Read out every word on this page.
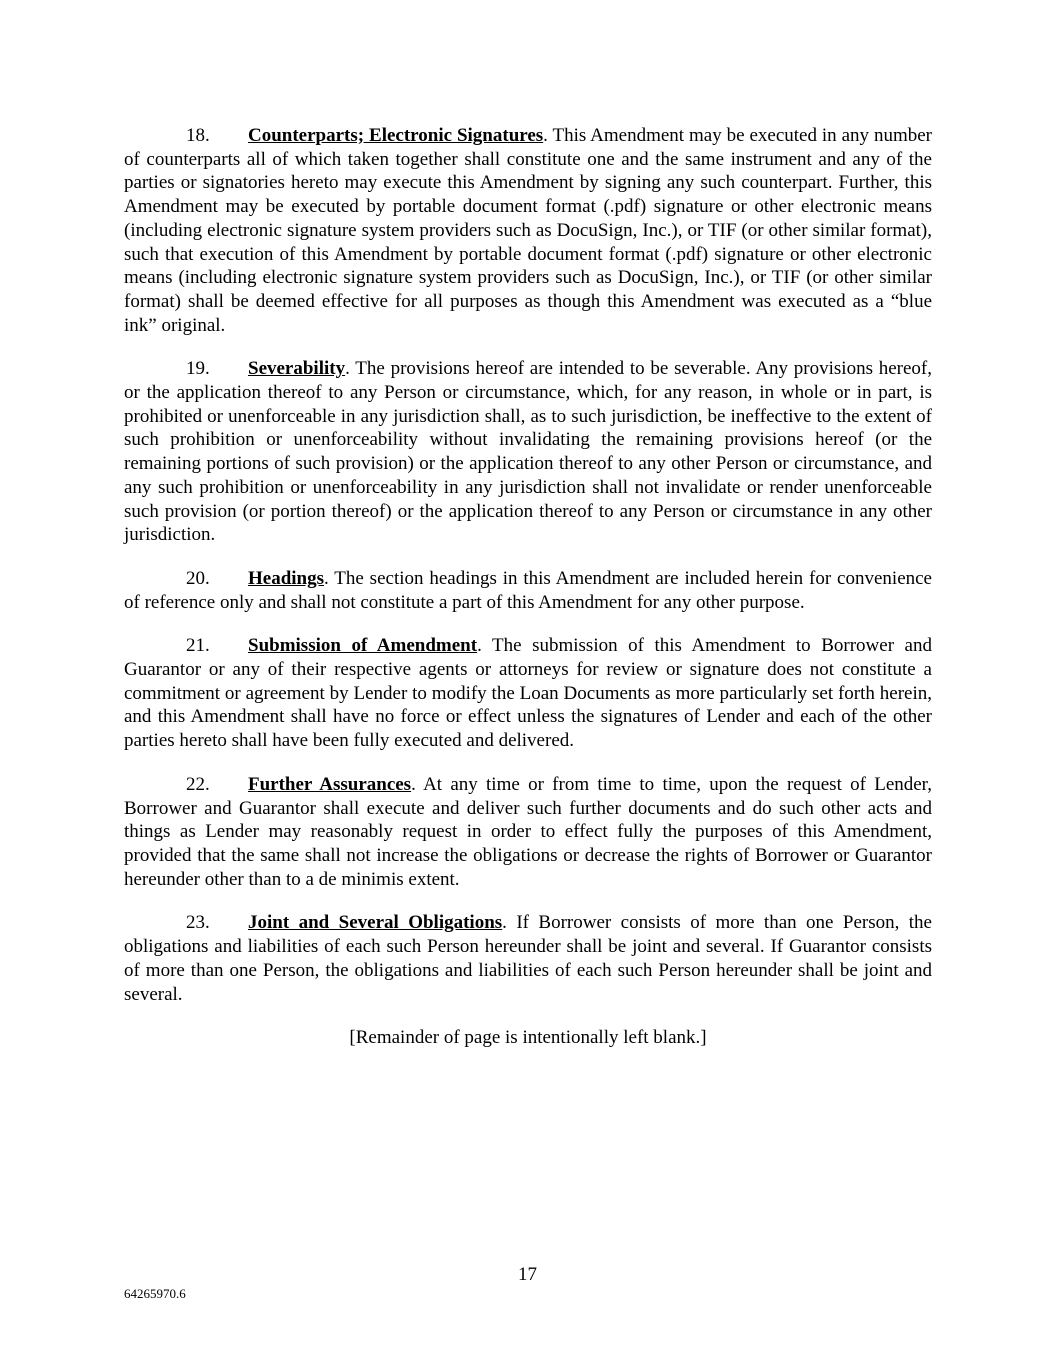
18. Counterparts; Electronic Signatures. This Amendment may be executed in any number of counterparts all of which taken together shall constitute one and the same instrument and any of the parties or signatories hereto may execute this Amendment by signing any such counterpart. Further, this Amendment may be executed by portable document format (.pdf) signature or other electronic means (including electronic signature system providers such as DocuSign, Inc.), or TIF (or other similar format), such that execution of this Amendment by portable document format (.pdf) signature or other electronic means (including electronic signature system providers such as DocuSign, Inc.), or TIF (or other similar format) shall be deemed effective for all purposes as though this Amendment was executed as a “blue ink” original.

19. Severability. The provisions hereof are intended to be severable. Any provisions hereof, or the application thereof to any Person or circumstance, which, for any reason, in whole or in part, is prohibited or unenforceable in any jurisdiction shall, as to such jurisdiction, be ineffective to the extent of such prohibition or unenforceability without invalidating the remaining provisions hereof (or the remaining portions of such provision) or the application thereof to any other Person or circumstance, and any such prohibition or unenforceability in any jurisdiction shall not invalidate or render unenforceable such provision (or portion thereof) or the application thereof to any Person or circumstance in any other jurisdiction.

20. Headings. The section headings in this Amendment are included herein for convenience of reference only and shall not constitute a part of this Amendment for any other purpose.

21. Submission of Amendment. The submission of this Amendment to Borrower and Guarantor or any of their respective agents or attorneys for review or signature does not constitute a commitment or agreement by Lender to modify the Loan Documents as more particularly set forth herein, and this Amendment shall have no force or effect unless the signatures of Lender and each of the other parties hereto shall have been fully executed and delivered.

22. Further Assurances. At any time or from time to time, upon the request of Lender, Borrower and Guarantor shall execute and deliver such further documents and do such other acts and things as Lender may reasonably request in order to effect fully the purposes of this Amendment, provided that the same shall not increase the obligations or decrease the rights of Borrower or Guarantor hereunder other than to a de minimis extent.

23. Joint and Several Obligations. If Borrower consists of more than one Person, the obligations and liabilities of each such Person hereunder shall be joint and several. If Guarantor consists of more than one Person, the obligations and liabilities of each such Person hereunder shall be joint and several.

[Remainder of page is intentionally left blank.]

17
64265970.6
